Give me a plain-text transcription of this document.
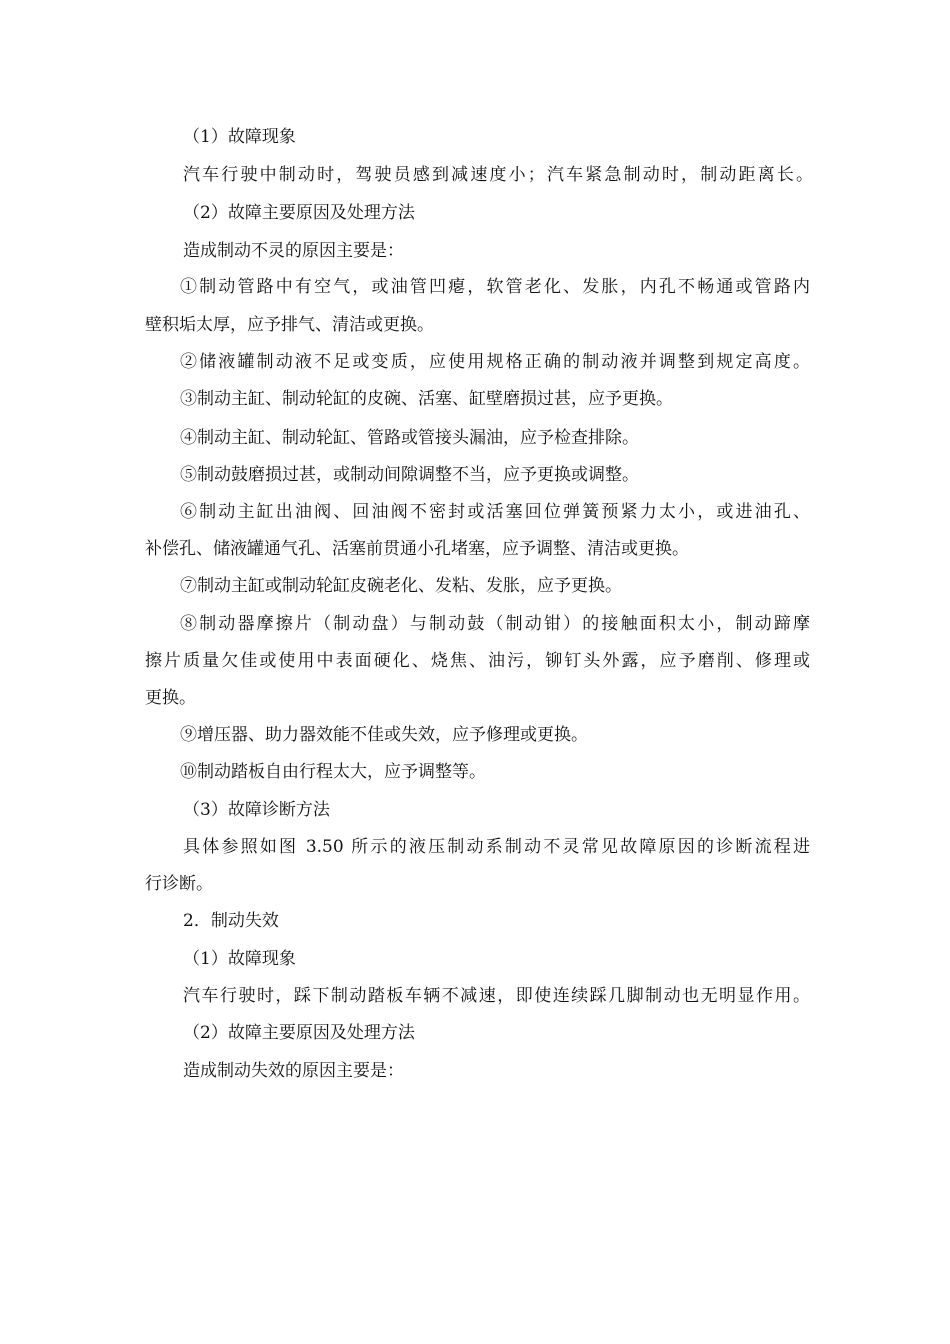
（1）故障现象
汽车行驶中制动时，驾驶员感到减速度小；汽车紧急制动时，制动距离长。
（2）故障主要原因及处理方法
造成制动不灵的原因主要是：
①制动管路中有空气，或油管凹瘪，软管老化、发胀，内孔不畅通或管路内
壁积垢太厚，应予排气、清洁或更换。
②储液罐制动液不足或变质，应使用规格正确的制动液并调整到规定高度。
③制动主缸、制动轮缸的皮碗、活塞、缸壁磨损过甚，应予更换。
④制动主缸、制动轮缸、管路或管接头漏油，应予检查排除。
⑤制动鼓磨损过甚，或制动间隙调整不当，应予更换或调整。
⑥制动主缸出油阀、回油阀不密封或活塞回位弹簧预紧力太小，或进油孔、
补偿孔、储液罐通气孔、活塞前贯通小孔堵塞，应予调整、清洁或更换。
⑦制动主缸或制动轮缸皮碗老化、发粘、发胀，应予更换。
⑧制动器摩擦片（制动盘）与制动鼓（制动钳）的接触面积太小，制动蹄摩
擦片质量欠佳或使用中表面硬化、烧焦、油污，铆钉头外露，应予磨削、修理或
更换。
⑨增压器、助力器效能不佳或失效，应予修理或更换。
⑩制动踏板自由行程太大，应予调整等。
（3）故障诊断方法
具体参照如图 3.50 所示的液压制动系制动不灵常见故障原因的诊断流程进
行诊断。
2．制动失效
（1）故障现象
汽车行驶时，踩下制动踏板车辆不减速，即使连续踩几脚制动也无明显作用。
（2）故障主要原因及处理方法
造成制动失效的原因主要是：
